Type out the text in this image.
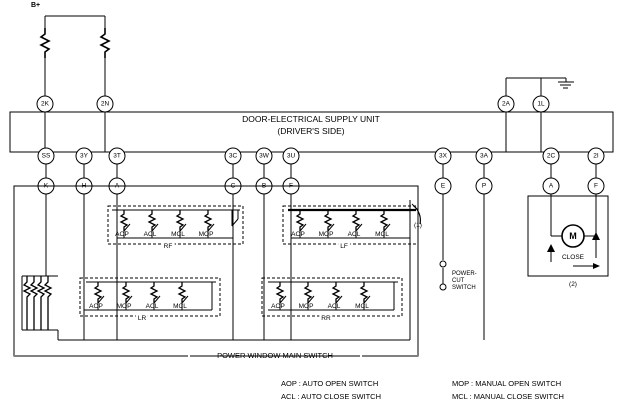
B+
2K	2N	2A	1L
DOOR-ELECTRICAL SUPPLY UNIT
(DRIVER'S SIDE)
SS	3Y	3T	3C	3W	3U	3X	3A	2C	2I
K	H	A	C	B	F	E	P	A	F
AOP ACL MCL MOP
RF
AOP MOP ACL MCL
LF
(1)
AOP MOP ACL MCL
LR
AOP MOP ACL MCL
RR
POWER-
CUT
SWITCH
M
CLOSE
(2)
POWER WINDOW MAIN SWITCH
AOP : AUTO OPEN SWITCH	MOP : MANUAL OPEN SWITCH
ACL : AUTO CLOSE SWITCH	MCL : MANUAL CLOSE SWITCH
